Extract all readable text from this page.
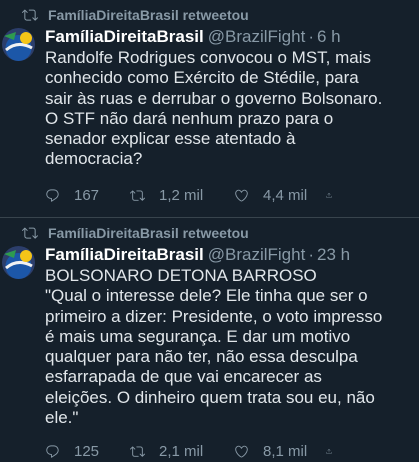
FamíliaDireitaBrasil retweetou
FamíliaDireitaBrasil @BrazilFight · 6 h

Randolfe Rodrigues convocou o MST, mais
conhecido como Exército de Stédile, para
sair às ruas e derrubar o governo Bolsonaro.
O STF não dará nenhum prazo para o
senador explicar esse atentado à
democracia?

167	1,2 mil	4,4 mil
FamíliaDireitaBrasil retweetou
FamíliaDireitaBrasil @BrazilFight · 23 h

BOLSONARO DETONA BARROSO
"Qual o interesse dele? Ele tinha que ser o
primeiro a dizer: Presidente, o voto impresso
é mais uma segurança. E dar um motivo
qualquer para não ter, não essa desculpa
esfarrapada de que vai encarecer as
eleições. O dinheiro quem trata sou eu, não
ele."

125	2,1 mil	8,1 mil
